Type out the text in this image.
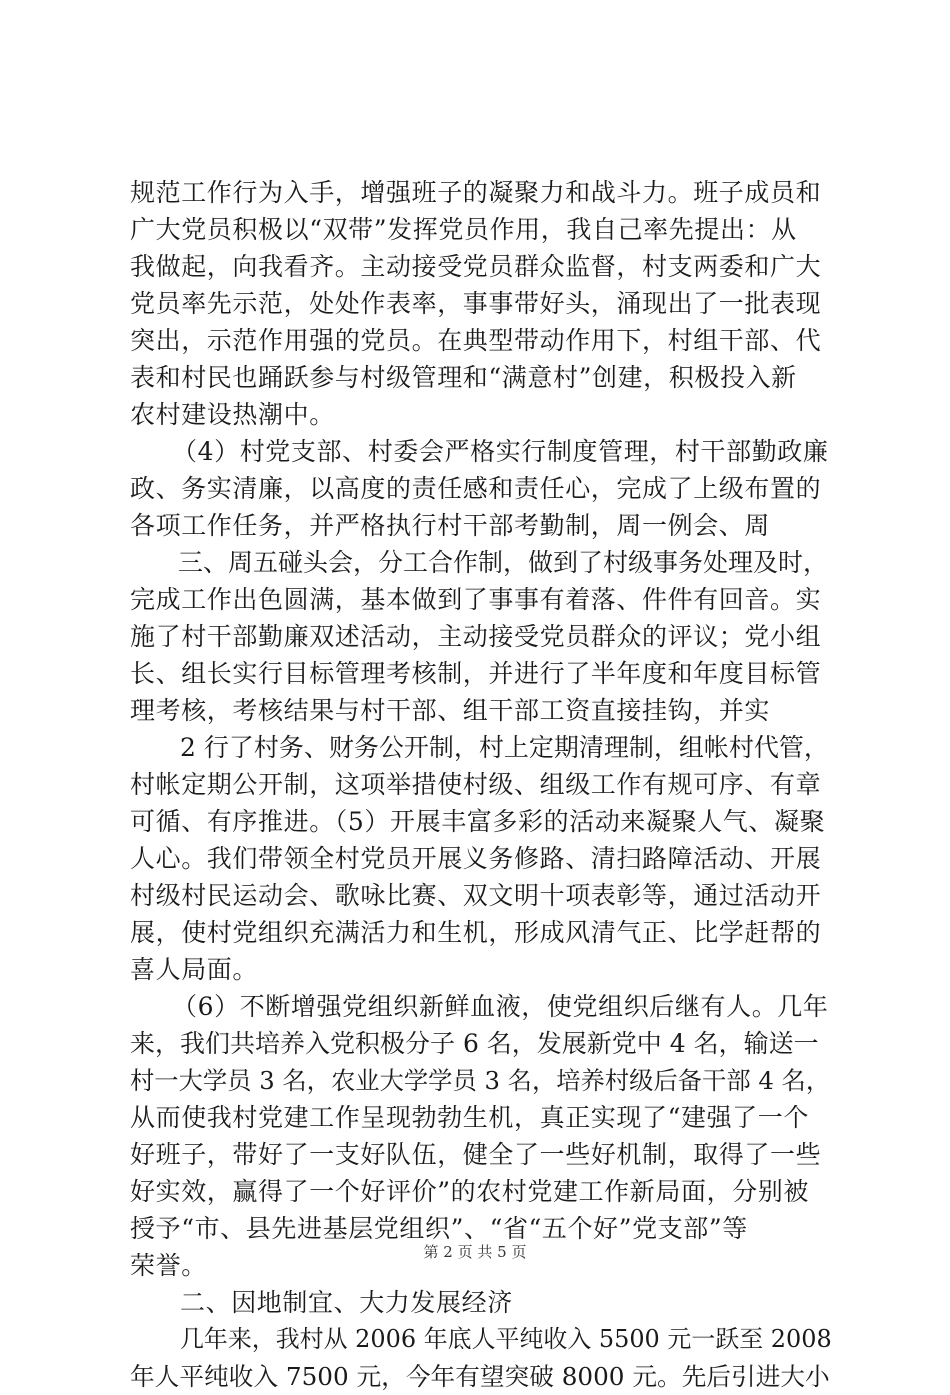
规范工作行为入手，增强班子的凝聚力和战斗力。班子成员和
广大党员积极以“双带”发挥党员作用，我自己率先提出：从
我做起，向我看齐。主动接受党员群众监督，村支两委和广大
党员率先示范，处处作表率，事事带好头，涌现出了一批表现
突出，示范作用强的党员。在典型带动作用下，村组干部、代
表和村民也踊跃参与村级管理和“满意村”创建，积极投入新
农村建设热潮中。
（4）村党支部、村委会严格实行制度管理，村干部勤政廉
政、务实清廉，以高度的责任感和责任心，完成了上级布置的
各项工作任务，并严格执行村干部考勤制，周一例会、周
三、周五碰头会，分工合作制，做到了村级事务处理及时，
完成工作出色圆满，基本做到了事事有着落、件件有回音。实
施了村干部勤廉双述活动，主动接受党员群众的评议；党小组
长、组长实行目标管理考核制，并进行了半年度和年度目标管
理考核，考核结果与村干部、组干部工资直接挂钩，并实
2 行了村务、财务公开制，村上定期清理制，组帐村代管，
村帐定期公开制，这项举措使村级、组级工作有规可序、有章
可循、有序推进。（5）开展丰富多彩的活动来凝聚人气、凝聚
人心。我们带领全村党员开展义务修路、清扫路障活动、开展
村级村民运动会、歌咏比赛、双文明十项表彰等，通过活动开
展，使村党组织充满活力和生机，形成风清气正、比学赶帮的
喜人局面。
（6）不断增强党组织新鲜血液，使党组织后继有人。几年
来，我们共培养入党积极分子 6 名，发展新党中 4 名，输送一
村一大学员 3 名，农业大学学员 3 名，培养村级后备干部 4 名，
从而使我村党建工作呈现勃勃生机，真正实现了“建强了一个
好班子，带好了一支好队伍，健全了一些好机制，取得了一些
好实效，赢得了一个好评价”的农村党建工作新局面，分别被
授予“市、县先进基层党组织”、“省“五个好”党支部”等
荣誉。
二、因地制宜、大力发展经济
几年来，我村从 2006 年底人平纯收入 5500 元一跃至 2008
年人平纯收入 7500 元，今年有望突破 8000 元。先后引进大小
第 2 页 共 5 页
